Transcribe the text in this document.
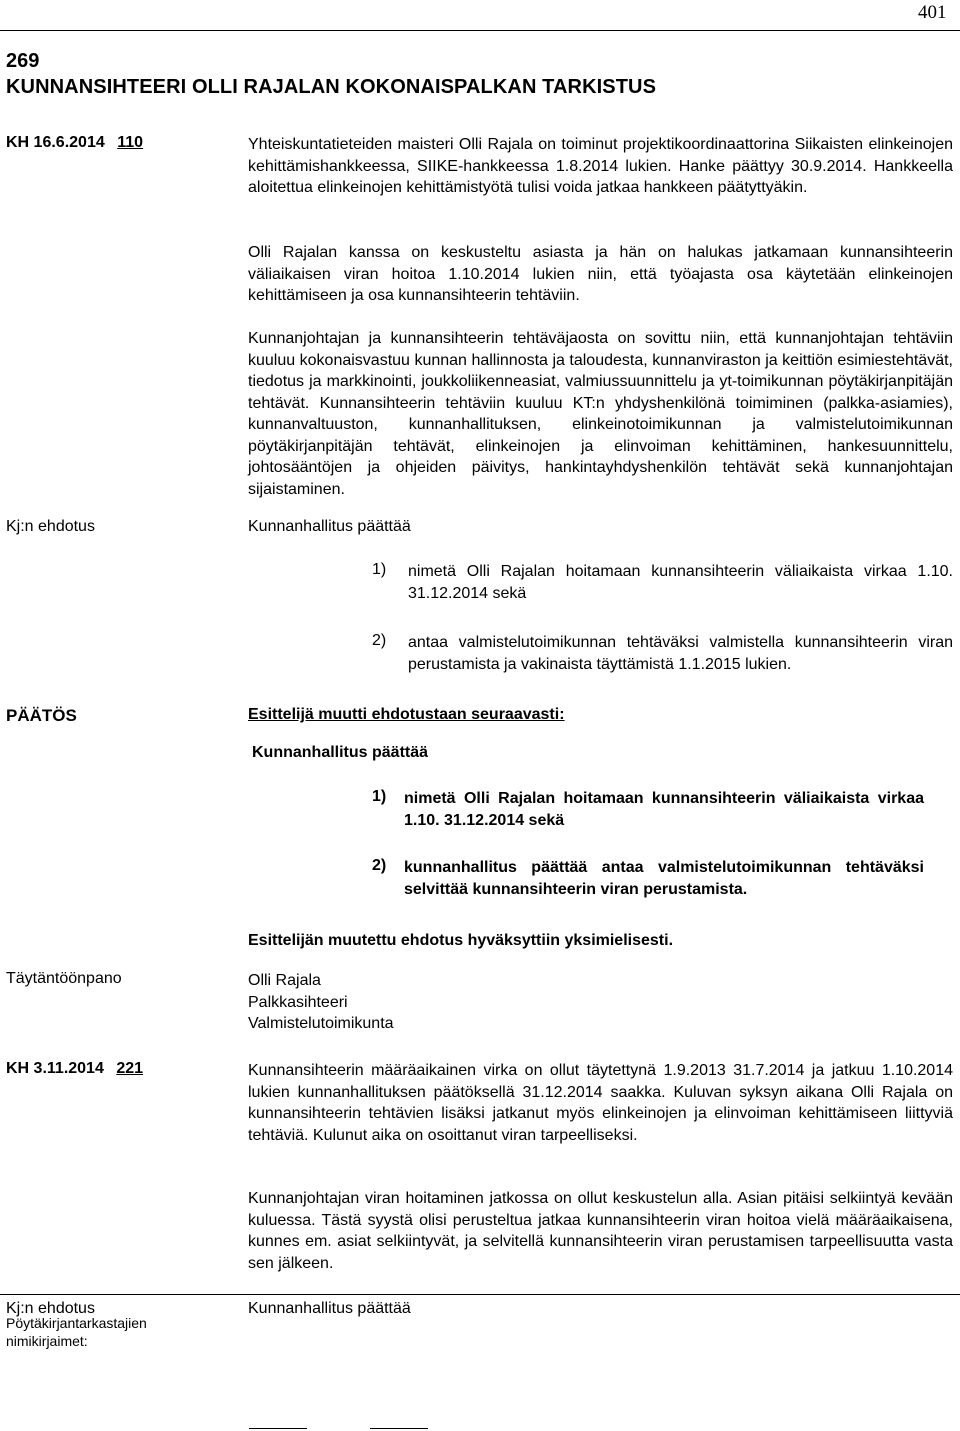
401
269
KUNNANSIHTEERI OLLI RAJALAN KOKONAISPALKAN TARKISTUS
KH 16.6.2014 110	Yhteiskuntatieteiden maisteri Olli Rajala on toiminut projektikoordinaattorina Siikaisten elinkeinojen kehittämishankkeessa, SIIKE-hankkeessa 1.8.2014 lukien. Hanke päättyy 30.9.2014. Hankkeella aloitettua elinkeinojen kehittämistyötä tulisi voida jatkaa hankkeen päätyttyäkin.
Olli Rajalan kanssa on keskusteltu asiasta ja hän on halukas jatkamaan kunnansihteerin väliaikaisen viran hoitoa 1.10.2014 lukien niin, että työajasta osa käytetään elinkeinojen kehittämiseen ja osa kunnansihteerin tehtäviin.
Kunnanjohtajan ja kunnansihteerin tehtäväjaosta on sovittu niin, että kunnanjohtajan tehtäviin kuuluu kokonaisvastuu kunnan hallinnosta ja taloudesta, kunnanviraston ja keittiön esimiestehtävät, tiedotus ja markkinointi, joukkoliikenneasiat, valmiussuunnittelu ja yt-toimikunnan pöytäkirjanpitäjän tehtävät. Kunnansihteerin tehtäviin kuuluu KT:n yhdyshenkilönä toimiminen (palkka-asiamies), kunnanvaltuuston, kunnanhallituksen, elinkeinotoimikunnan ja valmistelutoimikunnan pöytäkirjanpitäjän tehtävät, elinkeinojen ja elinvoiman kehittäminen, hankesuunnittelu, johtosääntöjen ja ohjeiden päivitys, hankintayhdyshenkilön tehtävät sekä kunnanjohtajan sijaistaminen.
Kj:n ehdotus	Kunnanhallitus päättää
1) nimetä Olli Rajalan hoitamaan kunnansihteerin väliaikaista virkaa 1.10. 31.12.2014 sekä
2) antaa valmistelutoimikunnan tehtäväksi valmistella kunnansihteerin viran perustamista ja vakinaista täyttämistä 1.1.2015 lukien.
PÄÄTÖS	Esittelijä muutti ehdotustaan seuraavasti:
Kunnanhallitus päättää
1) nimetä Olli Rajalan hoitamaan kunnansihteerin väliaikaista virkaa 1.10. 31.12.2014 sekä
2) kunnanhallitus päättää antaa valmistelutoimikunnan tehtäväksi selvittää kunnansihteerin viran perustamista.
Esittelijän muutettu ehdotus hyväksyttiin yksimielisesti.
Täytäntöönpano	Olli Rajala
Palkkasihteeri
Valmistelutoimikunta
KH 3.11.2014 221	Kunnansihteerin määräaikainen virka on ollut täytettynä 1.9.2013 31.7.2014 ja jatkuu 1.10.2014 lukien kunnanhallituksen päätöksellä 31.12.2014 saakka. Kuluvan syksyn aikana Olli Rajala on kunnansihteerin tehtävien lisäksi jatkanut myös elinkeinojen ja elinvoiman kehittämiseen liittyviä tehtäviä. Kulunut aika on osoittanut viran tarpeelliseksi.
Kunnanjohtajan viran hoitaminen jatkossa on ollut keskustelun alla. Asian pitäisi selkiintyä kevään kuluessa. Tästä syystä olisi perusteltua jatkaa kunnansihteerin viran hoitoa vielä määräaikaisena, kunnes em. asiat selkiintyvät, ja selvitellä kunnansihteerin viran perustamisen tarpeellisuutta vasta sen jälkeen.
Kj:n ehdotus	Kunnanhallitus päättää
Pöytäkirjantarkastajien
nimikirjaimet:
